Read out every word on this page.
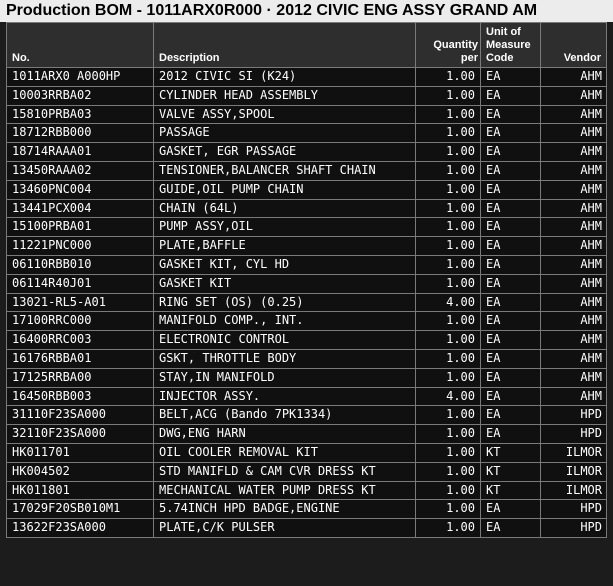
Production BOM - 1011ARX0R000 · 2012 CIVIC ENG ASSY GRAND AM
No.	Description	Quantity per	Unit of Measure Code	Vendor
1011ARX0 A000HP	2012 CIVIC SI (K24)	1.00	EA	AHM
10003RRBA02	CYLINDER HEAD ASSEMBLY	1.00	EA	AHM
15810PRBA03	VALVE ASSY,SPOOL	1.00	EA	AHM
18712RBB000	PASSAGE	1.00	EA	AHM
18714RAAA01	GASKET, EGR PASSAGE	1.00	EA	AHM
13450RAAA02	TENSIONER,BALANCER SHAFT CHAIN	1.00	EA	AHM
13460PNC004	GUIDE,OIL PUMP CHAIN	1.00	EA	AHM
13441PCX004	CHAIN (64L)	1.00	EA	AHM
15100PRBA01	PUMP ASSY,OIL	1.00	EA	AHM
11221PNC000	PLATE,BAFFLE	1.00	EA	AHM
06110RBB010	GASKET KIT, CYL HD	1.00	EA	AHM
06114R40J01	GASKET KIT	1.00	EA	AHM
13021-RL5-A01	RING SET (OS) (0.25)	4.00	EA	AHM
17100RRC000	MANIFOLD COMP., INT.	1.00	EA	AHM
16400RRC003	ELECTRONIC CONTROL	1.00	EA	AHM
16176RBBA01	GSKT, THROTTLE BODY	1.00	EA	AHM
17125RRBA00	STAY,IN MANIFOLD	1.00	EA	AHM
16450RBB003	INJECTOR ASSY.	4.00	EA	AHM
31110F23SA000	BELT,ACG (Bando 7PK1334)	1.00	EA	HPD
32110F23SA000	DWG,ENG HARN	1.00	EA	HPD
HK011701	OIL COOLER REMOVAL KIT	1.00	KT	ILMOR
HK004502	STD MANIFLD & CAM CVR DRESS KT	1.00	KT	ILMOR
HK011801	MECHANICAL WATER PUMP DRESS KT	1.00	KT	ILMOR
17029F20SB010M1	5.74INCH HPD BADGE,ENGINE	1.00	EA	HPD
13622F23SA000	PLATE,C/K PULSER	1.00	EA	HPD
